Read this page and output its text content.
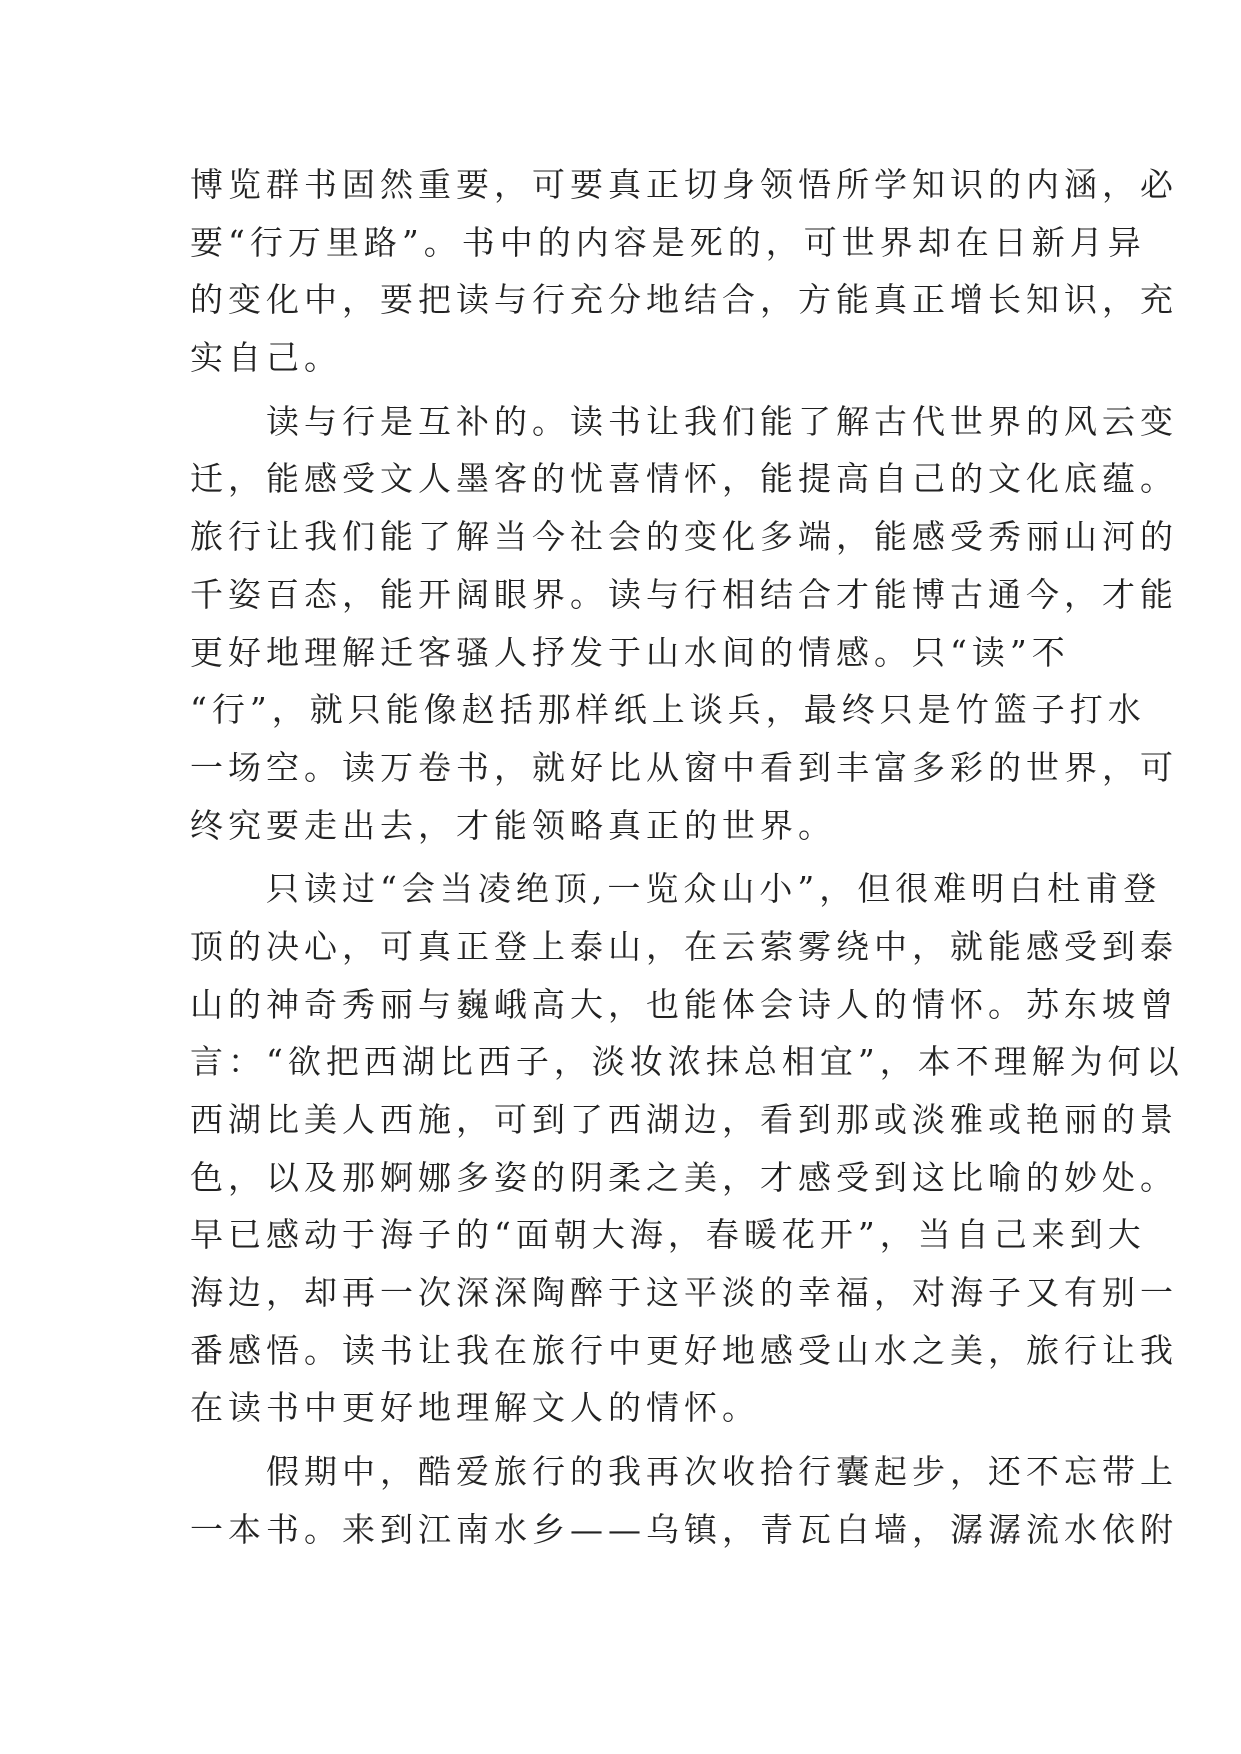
博览群书固然重要，可要真正切身领悟所学知识的内涵，必
要“行万里路”。书中的内容是死的，可世界却在日新月异
的变化中，要把读与行充分地结合，方能真正增长知识，充
实自己。
　　读与行是互补的。读书让我们能了解古代世界的风云变
迁，能感受文人墨客的忧喜情怀，能提高自己的文化底蕴。
旅行让我们能了解当今社会的变化多端，能感受秀丽山河的
千姿百态，能开阔眼界。读与行相结合才能博古通今，才能
更好地理解迁客骚人抒发于山水间的情感。只“读”不
“行”，就只能像赵括那样纸上谈兵，最终只是竹篮子打水
一场空。读万卷书，就好比从窗中看到丰富多彩的世界，可
终究要走出去，才能领略真正的世界。
　　只读过“会当凌绝顶,一览众山小”，但很难明白杜甫登
顶的决心，可真正登上泰山，在云萦雾绕中，就能感受到泰
山的神奇秀丽与巍峨高大，也能体会诗人的情怀。苏东坡曾
言：“欲把西湖比西子，淡妆浓抹总相宜”，本不理解为何以
西湖比美人西施，可到了西湖边，看到那或淡雅或艳丽的景
色，以及那婀娜多姿的阴柔之美，才感受到这比喻的妙处。
早已感动于海子的“面朝大海，春暖花开”，当自己来到大
海边，却再一次深深陶醉于这平淡的幸福，对海子又有别一
番感悟。读书让我在旅行中更好地感受山水之美，旅行让我
在读书中更好地理解文人的情怀。
　　假期中，酷爱旅行的我再次收拾行囊起步，还不忘带上
一本书。来到江南水乡——乌镇，青瓦白墙，潺潺流水依附
